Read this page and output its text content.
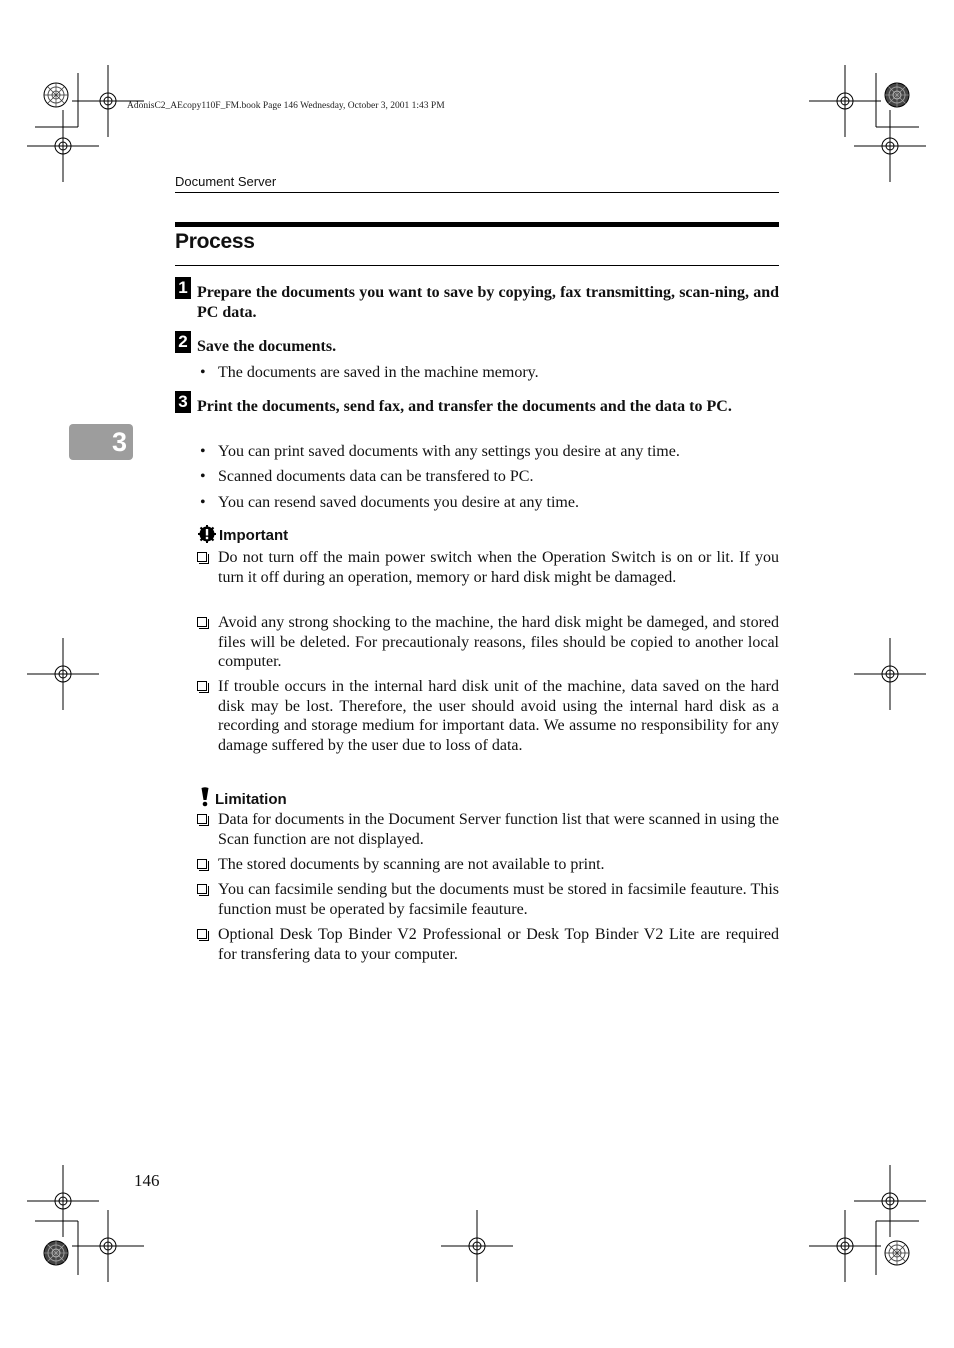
AdonisC2_AEcopy110F_FM.book Page 146 Wednesday, October 3, 2001 1:43 PM
Document Server
Process
1 Prepare the documents you want to save by copying, fax transmitting, scan-ning, and PC data.
2 Save the documents.
• The documents are saved in the machine memory.
3
3 Print the documents, send fax, and transfer the documents and the data to PC.
• You can print saved documents with any settings you desire at any time.
• Scanned documents data can be transfered to PC.
• You can resend saved documents you desire at any time.
Important
Do not turn off the main power switch when the Operation Switch is on or lit. If you turn it off during an operation, memory or hard disk might be damaged.
Avoid any strong shocking to the machine, the hard disk might be dameged, and stored files will be deleted. For precautionaly reasons, files should be copied to another local computer.
If trouble occurs in the internal hard disk unit of the machine, data saved on the hard disk may be lost. Therefore, the user should avoid using the internal hard disk as a recording and storage medium for important data. We assume no responsibility for any damage suffered by the user due to loss of data.
Limitation
Data for documents in the Document Server function list that were scanned in using the Scan function are not displayed.
The stored documents by scanning are not available to print.
You can facsimile sending but the documents must be stored in facsimile feauture. This function must be operated by facsimile feauture.
Optional Desk Top Binder V2 Professional or Desk Top Binder V2 Lite are required for transfering data to your computer.
146
